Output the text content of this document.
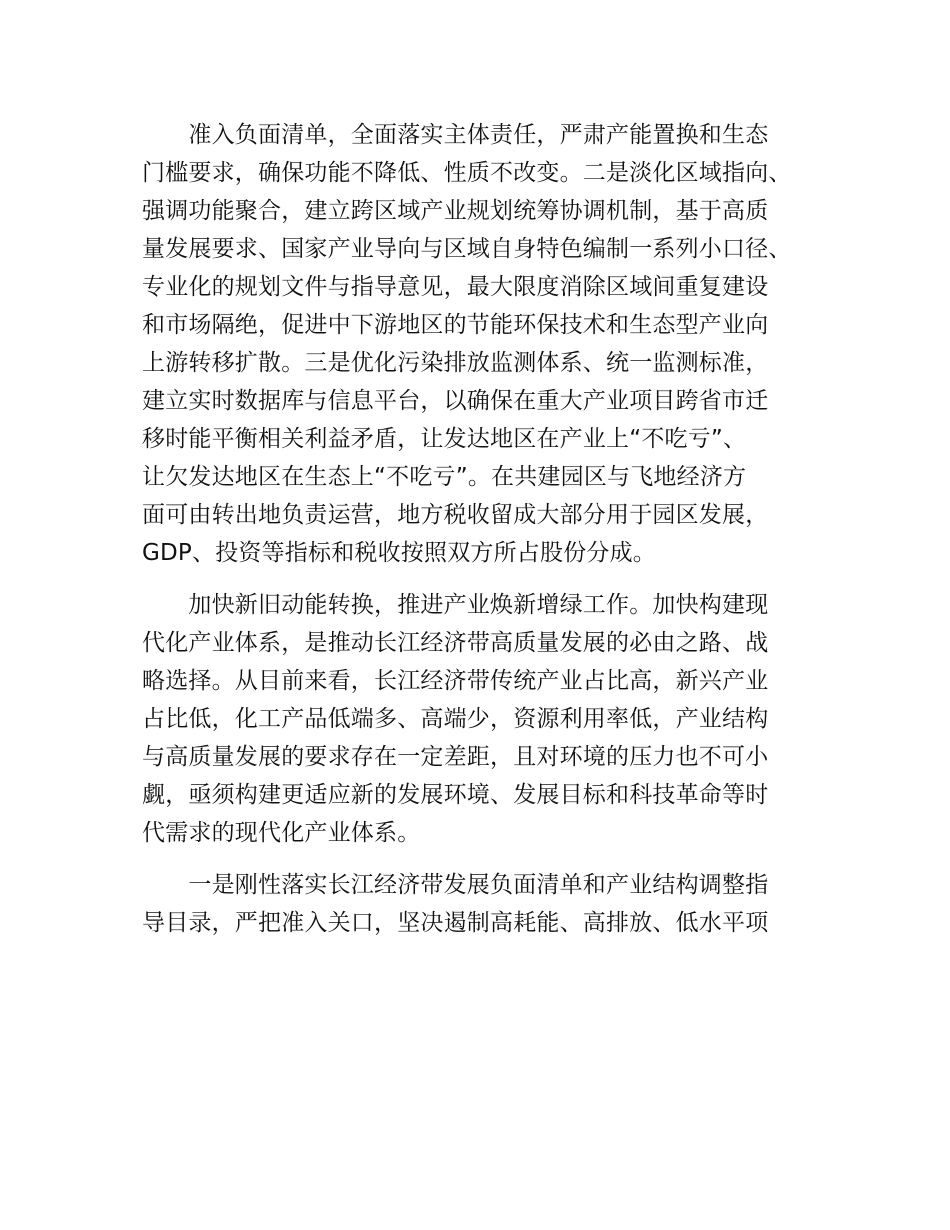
　　准入负面清单，全面落实主体责任，严肃产能置换和生态
门槛要求，确保功能不降低、性质不改变。二是淡化区域指向、
强调功能聚合，建立跨区域产业规划统筹协调机制，基于高质
量发展要求、国家产业导向与区域自身特色编制一系列小口径、
专业化的规划文件与指导意见，最大限度消除区域间重复建设
和市场隔绝，促进中下游地区的节能环保技术和生态型产业向
上游转移扩散。三是优化污染排放监测体系、统一监测标准，
建立实时数据库与信息平台，以确保在重大产业项目跨省市迁
移时能平衡相关利益矛盾，让发达地区在产业上“不吃亏”、
让欠发达地区在生态上“不吃亏”。在共建园区与飞地经济方
面可由转出地负责运营，地方税收留成大部分用于园区发展，
GDP、投资等指标和税收按照双方所占股份分成。
　　加快新旧动能转换，推进产业焕新增绿工作。加快构建现
代化产业体系，是推动长江经济带高质量发展的必由之路、战
略选择。从目前来看，长江经济带传统产业占比高，新兴产业
占比低，化工产品低端多、高端少，资源利用率低，产业结构
与高质量发展的要求存在一定差距，且对环境的压力也不可小
觑，亟须构建更适应新的发展环境、发展目标和科技革命等时
代需求的现代化产业体系。
　　一是刚性落实长江经济带发展负面清单和产业结构调整指
导目录，严把准入关口，坚决遏制高耗能、高排放、低水平项
